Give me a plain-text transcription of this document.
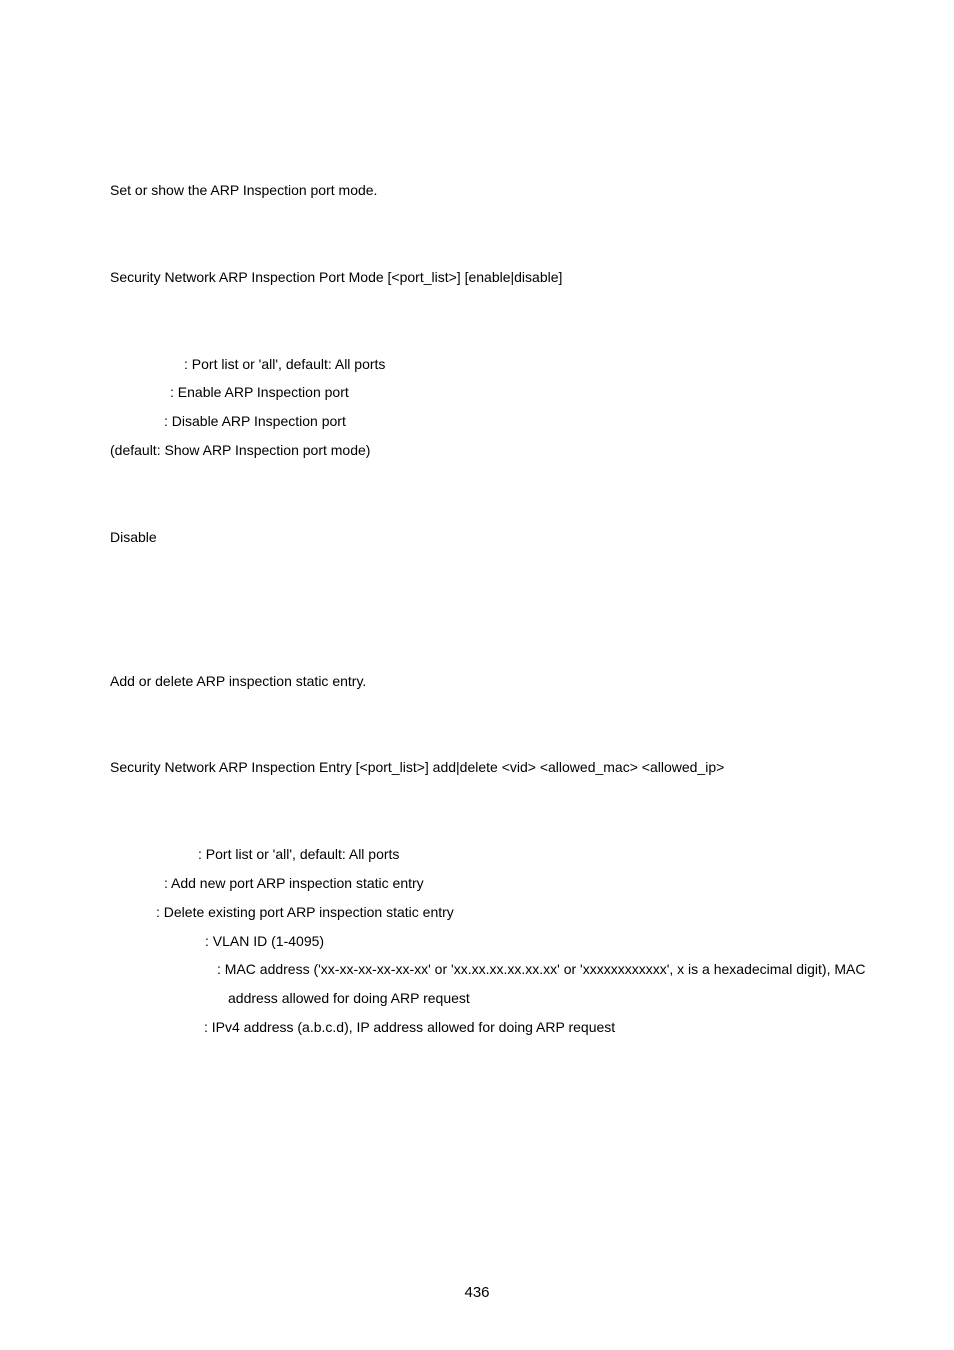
Set or show the ARP Inspection port mode.
Security Network ARP Inspection Port Mode [<port_list>] [enable|disable]
: Port list or 'all', default: All ports
: Enable ARP Inspection port
: Disable ARP Inspection port
(default: Show ARP Inspection port mode)
Disable
Add or delete ARP inspection static entry.
Security Network ARP Inspection Entry [<port_list>] add|delete <vid> <allowed_mac> <allowed_ip>
: Port list or 'all', default: All ports
: Add new port ARP inspection static entry
: Delete existing port ARP inspection static entry
: VLAN ID (1-4095)
: MAC address ('xx-xx-xx-xx-xx-xx' or 'xx.xx.xx.xx.xx.xx' or 'xxxxxxxxxxxx', x is a hexadecimal digit), MAC
address allowed for doing ARP request
: IPv4 address (a.b.c.d), IP address allowed for doing ARP request
436
